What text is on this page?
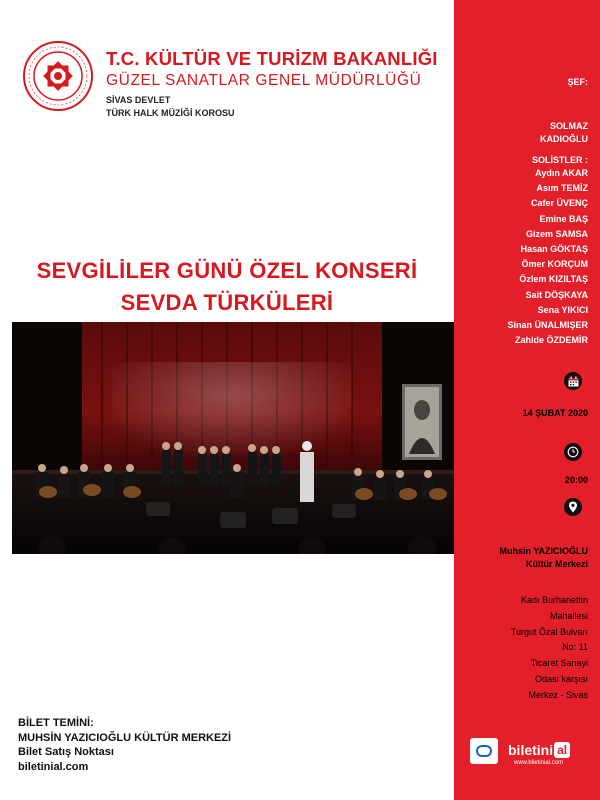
T.C. KÜLTÜR VE TURİZM BAKANLIĞI
GÜZEL SANATLAR GENEL MÜDÜRLÜĞÜ
SİVAS DEVLET
TÜRK HALK MÜZİĞİ KOROSU
SEVGİLİLER GÜNÜ ÖZEL KONSERİ
SEVDA TÜRKÜLERİ
BİLET TEMİNİ:
MUHSİN YAZICIOĞLU KÜLTÜR MERKEZİ
Bilet Satış Noktası
biletinial.com
ŞEF:
SOLMAZ KADIOĞLU
SOLİSTLER :
Aydın AKAR
Asım TEMİZ
Cafer ÜVENÇ
Emine BAŞ
Gizem SAMSA
Hasan GÖKTAŞ
Ömer KORÇUM
Özlem KIZILTAŞ
Sait DÖŞKAYA
Sena YIKICI
Sinan ÜNALMIŞER
Zahide ÖZDEMİR
14 ŞUBAT 2020
20:00
Muhsin YAZICIOĞLU Kültür Merkezi
Kadı Burhanettin
Mahallesi
Turgut Özal Bulvarı
No: 11
Ticaret Sanayi
Odası karşısı
Merkez - Sivas
biletini al
www.biletinial.com
